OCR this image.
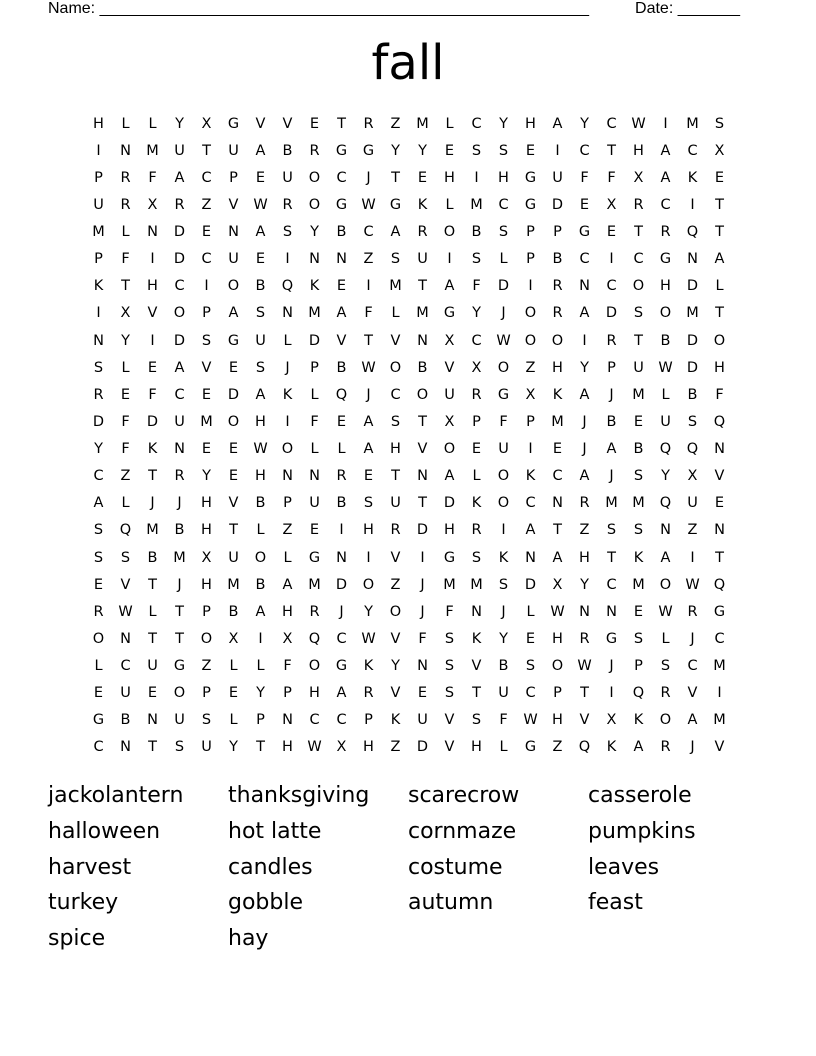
Name: _______________________________________________________	Date: _______
fall
H	L	L	Y	X	G	V	V	E	T	R	Z	M	L	C	Y	H	A	Y	C	W	I	M	S
I	N	M	U	T	U	A	B	R	G	G	Y	Y	E	S	S	E	I	C	T	H	A	C	X
P	R	F	A	C	P	E	U	O	C	J	T	E	H	I	H	G	U	F	F	X	A	K	E
U	R	X	R	Z	V	W	R	O	G W G	K	L	M	C	G	D	E	X	R	C	I	T
M	L	N	D	E	N	A	S	Y	B	C	A	R	O	B	S	P	P	G	E	T	R	Q	T
P	F	I	D	C	U	E	I	N	N	Z	S	U	I	S	L	P	B	C	I	C	G	N	A
K	T	H	C	I	O	B	Q	K	E	I	M	T	A	F	D	I	R	N	C	O	H	D	L
I	X	V	O	P	A	S	N	M	A	F	L	M	G	Y	J	O	R	A	D	S	O	M	T
N	Y	I	D	S	G	U	L	D	V	T	V	N	X	C	W O	O	I	R	T	B	D	O
S	L	E	A	V	E	S	J	P	B	W O	B	V	X	O	Z	H	Y	P	U	W D	H
R	E	F	C	E	D	A	K	L	Q	J	C	O	U	R	G	X	K	A	J	M	L	B	F
D	F	D	U	M	O	H	I	F	E	A	S	T	X	P	F	P	M	J	B	E	U	S	Q
Y	F	K	N	E	E	W O	L	L	A	H	V	O	E	U	I	E	J	A	B	Q	Q	N
C	Z	T	R	Y	E	H	N	N	R	E	T	N	A	L	O	K	C	A	J	S	Y	X	V
A	L	J	J	H	V	B	P	U	B	S	U	T	D	K	O	C	N	R	M M	Q	U	E
S	Q	M	B	H	T	L	Z	E	I	H	R	D	H	R	I	A	T	Z	S	S	N	Z	N
S	S	B	M	X	U	O	L	G	N	I	V	I	G	S	K	N	A	H	T	K	A	I	T
E	V	T	J	H	M	B	A	M	D	O	Z	J	M M	S	D	X	Y	C	M	O W Q
R	W	L	T	P	B	A	H	R	J	Y	O	J	F	N	J	L	W N	N	E	W	R	G
O	N	T	T	O	X	I	X	Q	C	W	V	F	S	K	Y	E	H	R	G	S	L	J	C
L	C	U	G	Z	L	L	F	O	G	K	Y	N	S	V	B	S	O W	J	P	S	C	M
E	U	E	O	P	E	Y	P	H	A	R	V	E	S	T	U	C	P	T	I	Q	R	V	I
G	B	N	U	S	L	P	N	C	C	P	K	U	V	S	F	W H	V	X	K	O	A	M
C	N	T	S	U	Y	T	H W	X	H	Z	D	V	H	L	G	Z	Q	K	A	R	J	V
jackolantern	thanksgiving	scarecrow	casserole
halloween	hot latte	cornmaze	pumpkins
harvest	candles	costume	leaves
turkey	gobble	autumn	feast
spice	hay
